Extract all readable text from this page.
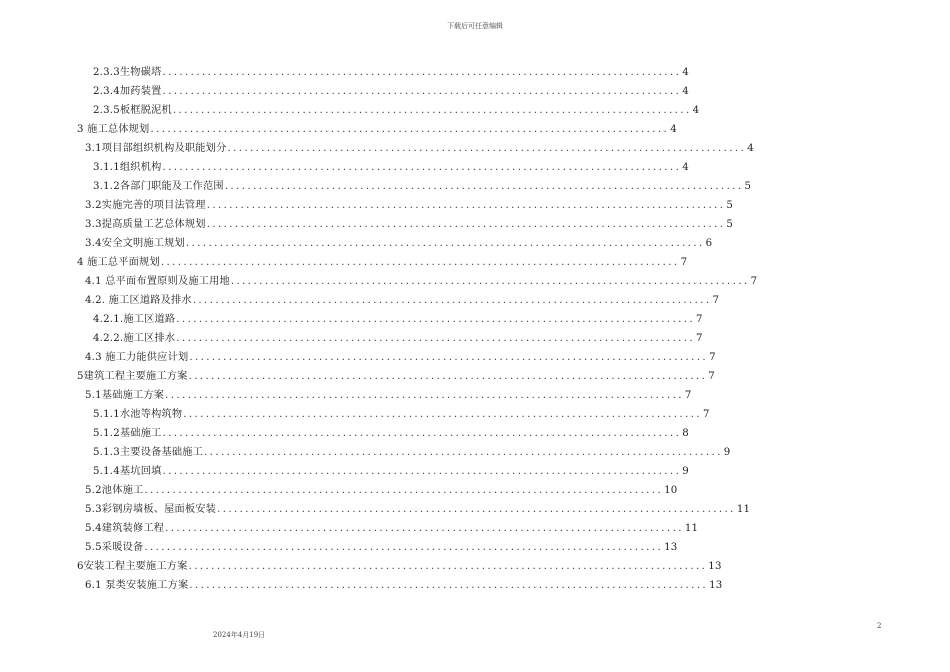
下载后可任意编辑
2.3.3生物碳塔 ............................................................................................ 4
2.3.4加药装置 ............................................................................................ 4
2.3.5板框脱泥机 ............................................................................................ 4
3 施工总体规划 ............................................................................................ 4
3.1项目部组织机构及职能划分 ............................................................................................ 4
3.1.1组织机构 ............................................................................................ 4
3.1.2各部门职能及工作范围 ............................................................................................ 5
3.2实施完善的项目法管理 ............................................................................................ 5
3.3提高质量工艺总体规划 ............................................................................................ 5
3.4安全文明施工规划 ............................................................................................ 6
4 施工总平面规划 ............................................................................................ 7
4.1 总平面布置原则及施工用地 ............................................................................................ 7
4.2. 施工区道路及排水 ............................................................................................ 7
4.2.1.施工区道路 ............................................................................................ 7
4.2.2.施工区排水 ............................................................................................ 7
4.3 施工力能供应计划 ............................................................................................ 7
5建筑工程主要施工方案 ............................................................................................ 7
5.1基础施工方案 ............................................................................................ 7
5.1.1水池等构筑物 ............................................................................................ 7
5.1.2基础施工 ............................................................................................ 8
5.1.3主要设备基础施工 ............................................................................................ 9
5.1.4基坑回填 ............................................................................................ 9
5.2池体施工 ............................................................................................ 10
5.3彩钢房墙板、屋面板安装 ............................................................................................ 11
5.4建筑装修工程 ............................................................................................ 11
5.5采暖设备 ............................................................................................ 13
6安装工程主要施工方案 ............................................................................................ 13
6.1 泵类安装施工方案 ............................................................................................ 13
2024年4月19日
2
